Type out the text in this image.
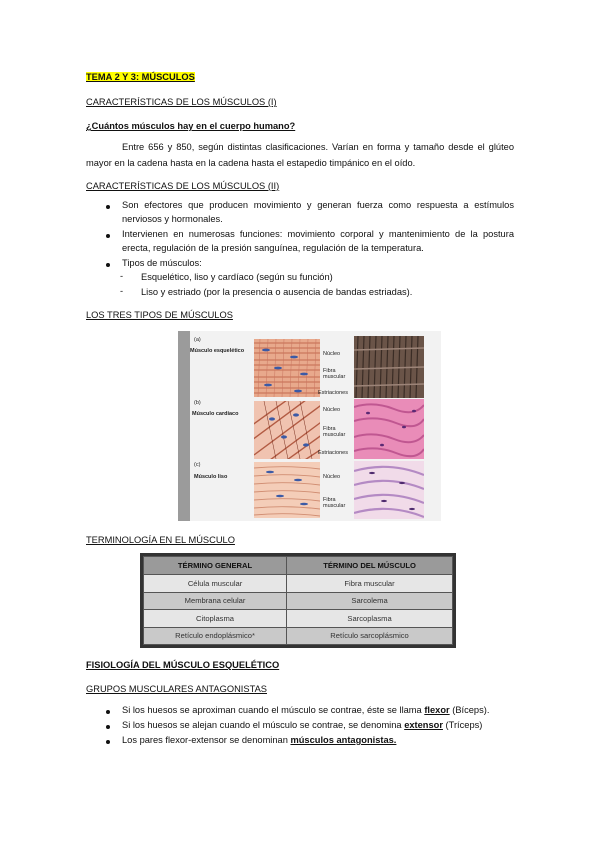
TEMA 2 Y 3: MÚSCULOS
CARACTERÍSTICAS DE LOS MÚSCULOS (I)
¿Cuántos músculos hay en el cuerpo humano?
Entre 656 y 850, según distintas clasificaciones. Varían en forma y tamaño desde el glúteo mayor en la cadena hasta en la cadena hasta el estapedio timpánico en el oído.
CARACTERÍSTICAS DE LOS MÚSCULOS (II)
Son efectores que producen movimiento y generan fuerza como respuesta a estímulos nerviosos y hormonales.
Intervienen en numerosas funciones: movimiento corporal y mantenimiento de la postura erecta, regulación de la presión sanguínea, regulación de la temperatura.
Tipos de músculos:
- Esquelético, liso y cardíaco (según su función)
- Liso y estriado (por la presencia o ausencia de bandas estriadas).
LOS TRES TIPOS DE MÚSCULOS
(a)
Músculo esquelético	Núcleo
Fibra
muscular
Estriaciones
(b)
Músculo cardíaco
Núcleo
Fibra
muscular
Estriaciones
(c)
Músculo liso	Núcleo
Fibra
muscular
TERMINOLOGÍA EN EL MÚSCULO
TÉRMINO GENERAL	TÉRMINO DEL MÚSCULO
Célula muscular	Fibra muscular
Membrana celular	Sarcolema
Citoplasma	Sarcoplasma
Retículo endoplásmico*	Retículo sarcoplásmico
FISIOLOGÍA DEL MÚSCULO ESQUELÉTICO
GRUPOS MUSCULARES ANTAGONISTAS
Si los huesos se aproximan cuando el músculo se contrae, éste se llama flexor (Bíceps).
Si los huesos se alejan cuando el músculo se contrae, se denomina extensor (Tríceps)
Los pares flexor-extensor se denominan músculos antagonistas.
